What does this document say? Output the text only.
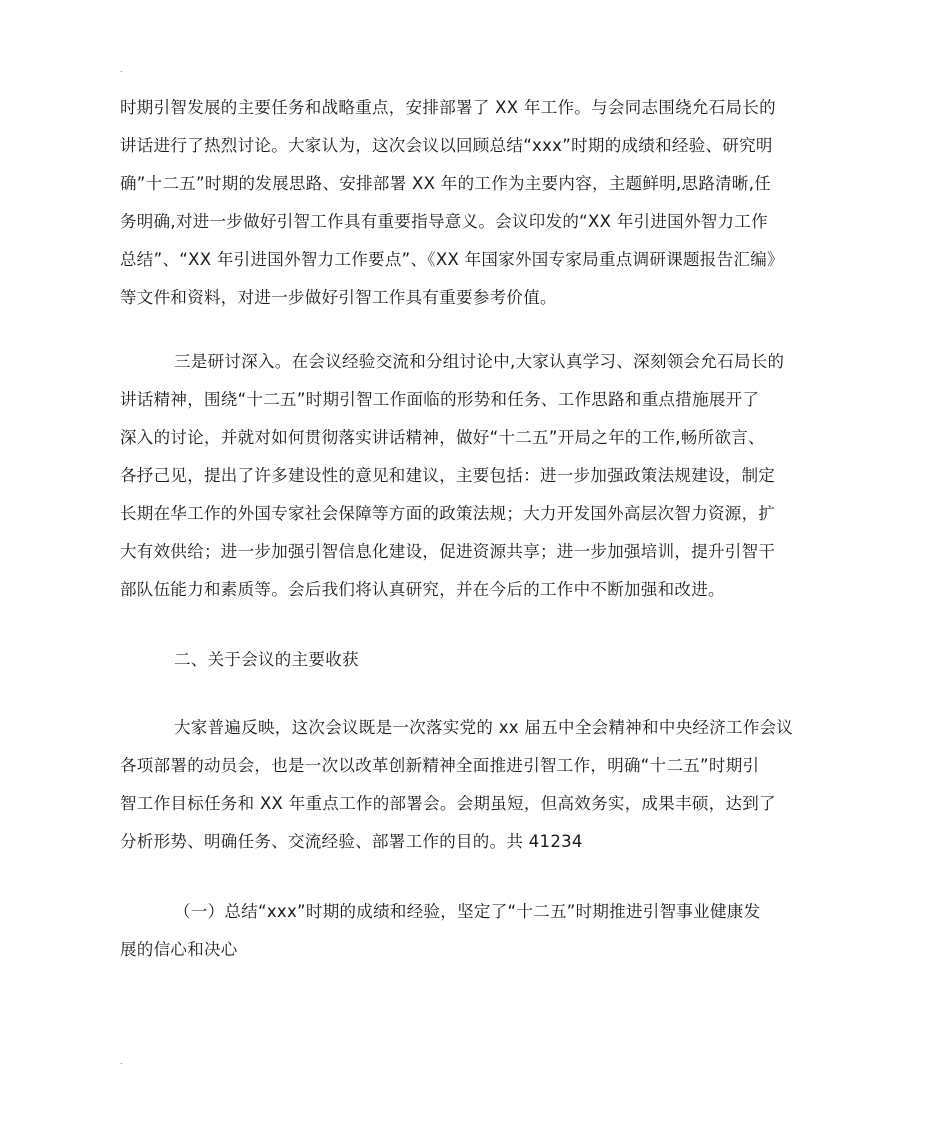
.
时期引智发展的主要任务和战略重点，安排部署了 XX 年工作。与会同志围绕允石局长的
讲话进行了热烈讨论。大家认为，这次会议以回顾总结“xxx”时期的成绩和经验、研究明
确”十二五”时期的发展思路、安排部署 XX 年的工作为主要内容，主题鲜明,思路清晰,任
务明确,对进一步做好引智工作具有重要指导意义。会议印发的“XX 年引进国外智力工作
总结”、“XX 年引进国外智力工作要点”、《XX 年国家外国专家局重点调研课题报告汇编》
等文件和资料，对进一步做好引智工作具有重要参考价值。
三是研讨深入。在会议经验交流和分组讨论中,大家认真学习、深刻领会允石局长的
讲话精神，围绕“十二五”时期引智工作面临的形势和任务、工作思路和重点措施展开了
深入的讨论，并就对如何贯彻落实讲话精神，做好“十二五”开局之年的工作,畅所欲言、
各抒己见，提出了许多建设性的意见和建议，主要包括：进一步加强政策法规建设，制定
长期在华工作的外国专家社会保障等方面的政策法规；大力开发国外高层次智力资源，扩
大有效供给；进一步加强引智信息化建设，促进资源共享；进一步加强培训，提升引智干
部队伍能力和素质等。会后我们将认真研究，并在今后的工作中不断加强和改进。
二、关于会议的主要收获
大家普遍反映，这次会议既是一次落实党的 xx 届五中全会精神和中央经济工作会议
各项部署的动员会，也是一次以改革创新精神全面推进引智工作，明确“十二五”时期引
智工作目标任务和 XX 年重点工作的部署会。会期虽短，但高效务实，成果丰硕，达到了
分析形势、明确任务、交流经验、部署工作的目的。共 41234
（一）总结“xxx”时期的成绩和经验，坚定了“十二五”时期推进引智事业健康发
展的信心和决心
.
